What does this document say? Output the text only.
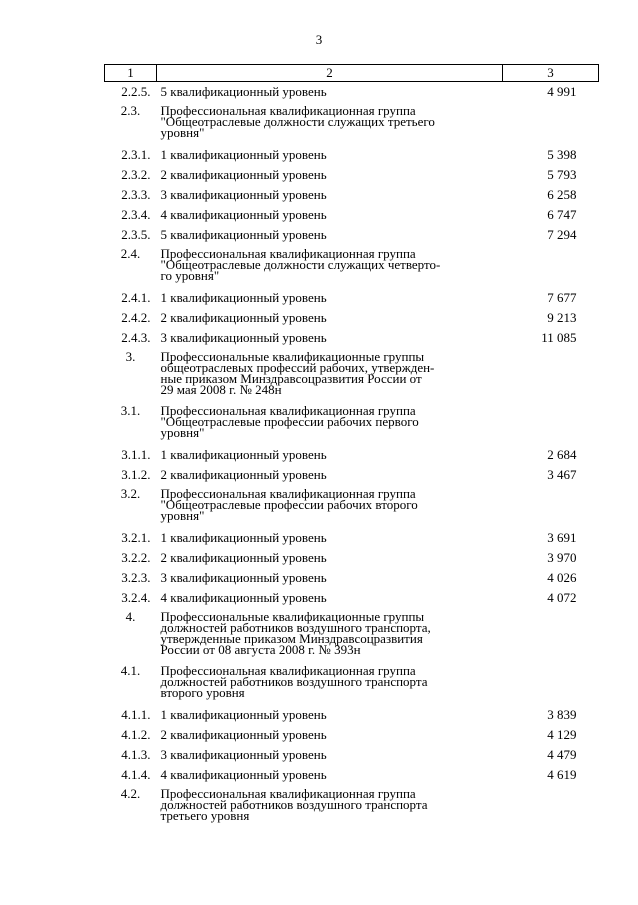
3
1	2	3
2.2.5.	5 квалификационный уровень	4 991
2.3.	Профессиональная квалификационная группа
"Общеотраслевые должности служащих третьего
уровня"	

2.3.1.	1 квалификационный уровень	5 398
2.3.2.	2 квалификационный уровень	5 793
2.3.3.	3 квалификационный уровень	6 258
2.3.4.	4 квалификационный уровень	6 747
2.3.5.	5 квалификационный уровень	7 294
2.4.	Профессиональная квалификационная группа
"Общеотраслевые должности служащих четверто-
го уровня"	

2.4.1.	1 квалификационный уровень	7 677
2.4.2.	2 квалификационный уровень	9 213
2.4.3.	3 квалификационный уровень	11 085
3.	Профессиональные квалификационные группы
общеотраслевых профессий рабочих, утвержден-
ные приказом Минздравсоцразвития России от
29 мая 2008 г. № 248н	

3.1.	Профессиональная квалификационная группа
"Общеотраслевые профессии рабочих первого
уровня"	

3.1.1.	1 квалификационный уровень	2 684
3.1.2.	2 квалификационный уровень	3 467
3.2.	Профессиональная квалификационная группа
"Общеотраслевые профессии рабочих второго
уровня"	

3.2.1.	1 квалификационный уровень	3 691
3.2.2.	2 квалификационный уровень	3 970
3.2.3.	3 квалификационный уровень	4 026
3.2.4.	4 квалификационный уровень	4 072
4.	Профессиональные квалификационные группы
должностей работников воздушного транспорта,
утвержденные приказом Минздравсоцразвития
России от 08 августа 2008 г. № 393н	

4.1.	Профессиональная квалификационная группа
должностей работников воздушного транспорта
второго уровня	

4.1.1.	1 квалификационный уровень	3 839
4.1.2.	2 квалификационный уровень	4 129
4.1.3.	3 квалификационный уровень	4 479
4.1.4.	4 квалификационный уровень	4 619
4.2.	Профессиональная квалификационная группа
должностей работников воздушного транспорта
третьего уровня	
